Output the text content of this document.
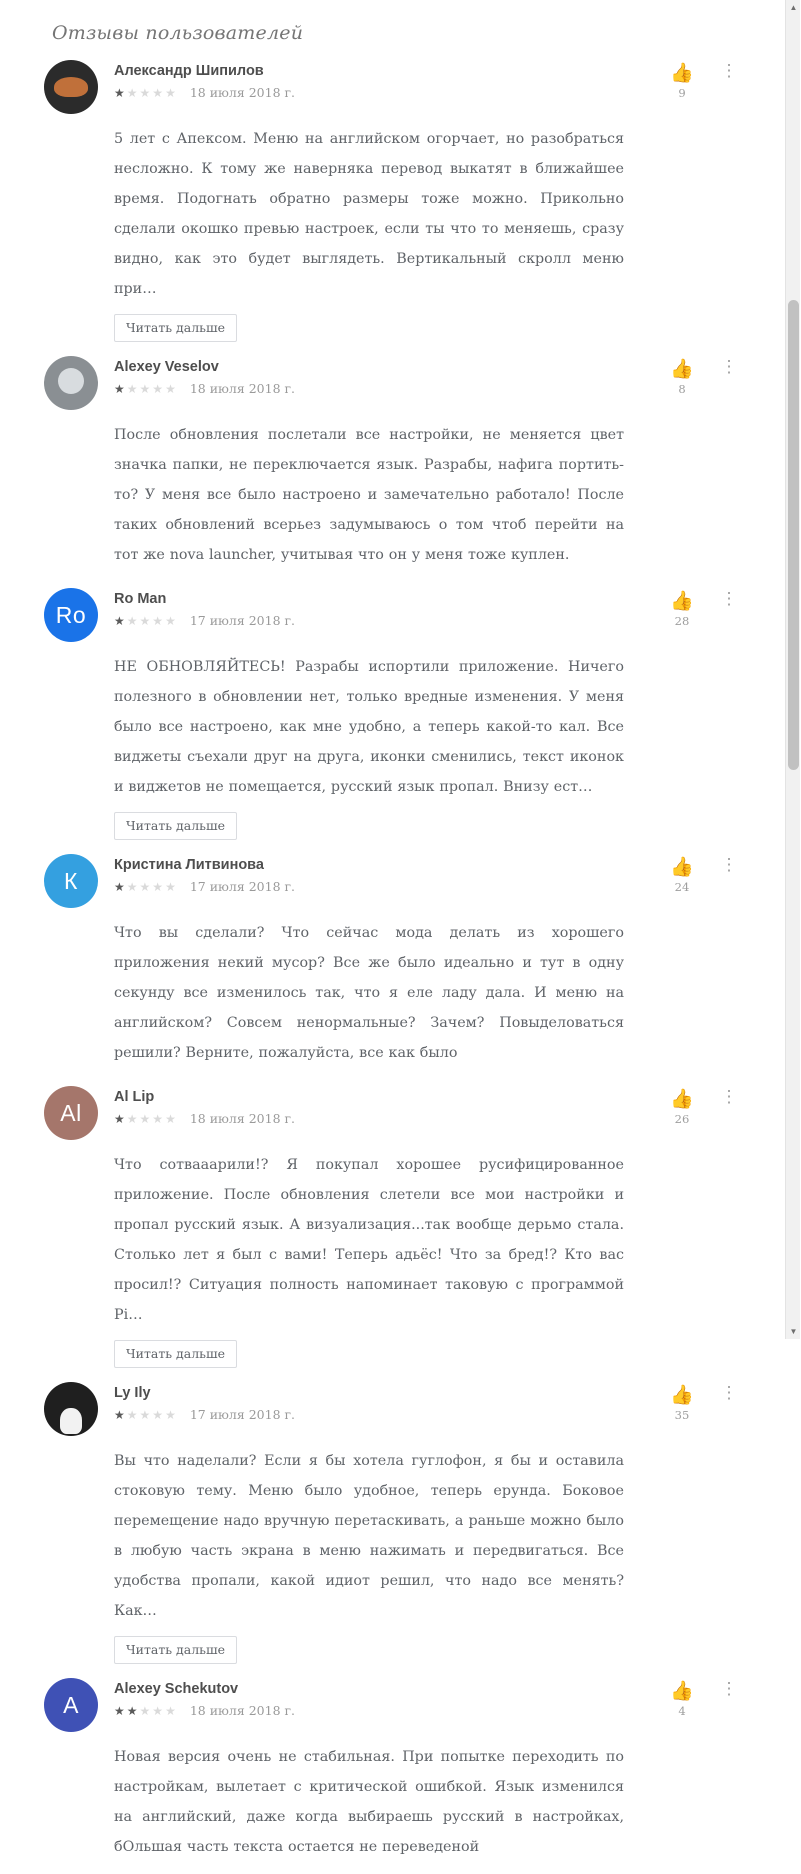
Отзывы пользователей
Александр Шипилов
★ ★ ★ ★ ★ 18 июля 2018 г.
👍
9
⋮
5 лет с Апексом. Меню на английском огорчает, но разобраться несложно. К тому же наверняка перевод выкатят в ближайшее время. Подогнать обратно размеры тоже можно. Прикольно сделали окошко превью настроек, если ты что то меняешь, сразу видно, как это будет выглядеть. Вертикальный скролл меню при…
Читать дальше
Alexey Veselov
★ ★ ★ ★ ★ 18 июля 2018 г.
👍
8
⋮
После обновления послетали все настройки, не меняется цвет значка папки, не переключается язык. Разрабы, нафига портить-то? У меня все было настроено и замечательно работало! После таких обновлений всерьез задумываюсь о том чтоб перейти на тот же nova launcher, учитывая что он у меня тоже куплен.
Ro
Ro Man
★ ★ ★ ★ ★ 17 июля 2018 г.
👍
28
⋮
НЕ ОБНОВЛЯЙТЕСЬ! Разрабы испортили приложение. Ничего полезного в обновлении нет, только вредные изменения. У меня было все настроено, как мне удобно, а теперь какой-то кал. Все виджеты съехали друг на друга, иконки сменились, текст иконок и виджетов не помещается, русский язык пропал. Внизу ест…
Читать дальше
К
Кристина Литвинова
★ ★ ★ ★ ★ 17 июля 2018 г.
👍
24
⋮
Что вы сделали? Что сейчас мода делать из хорошего приложения некий мусор? Все же было идеально и тут в одну секунду все изменилось так, что я еле ладу дала. И меню на английском? Совсем ненормальные? Зачем? Повыделоваться решили? Верните, пожалуйста, все как было
Al
Al Lip
★ ★ ★ ★ ★ 18 июля 2018 г.
👍
26
⋮
Что сотвааарили!? Я покупал хорошее русифицированное приложение. После обновления слетели все мои настройки и пропал русский язык. А визуализация...так вообще дерьмо стала. Столько лет я был с вами! Теперь адьёс! Что за бред!? Кто вас просил!? Ситуация полность напоминает таковую с программой Pi…
Читать дальше
Ly Ily
★ ★ ★ ★ ★ 17 июля 2018 г.
👍
35
⋮
Вы что наделали? Если я бы хотела гуглофон, я бы и оставила стоковую тему. Меню было удобное, теперь ерунда. Боковое перемещение надо вручную перетаскивать, а раньше можно было в любую часть экрана в меню нажимать и передвигаться. Все удобства пропали, какой идиот решил, что надо все менять? Как…
Читать дальше
A
Alexey Schekutov
★ ★ ★ ★ ★ 18 июля 2018 г.
👍
4
⋮
Новая версия очень не стабильная. При попытке переходить по настройкам, вылетает с критической ошибкой. Язык изменился на английский, даже когда выбираешь русский в настройках, бОльшая часть текста остается не переведеной
▲
▼
